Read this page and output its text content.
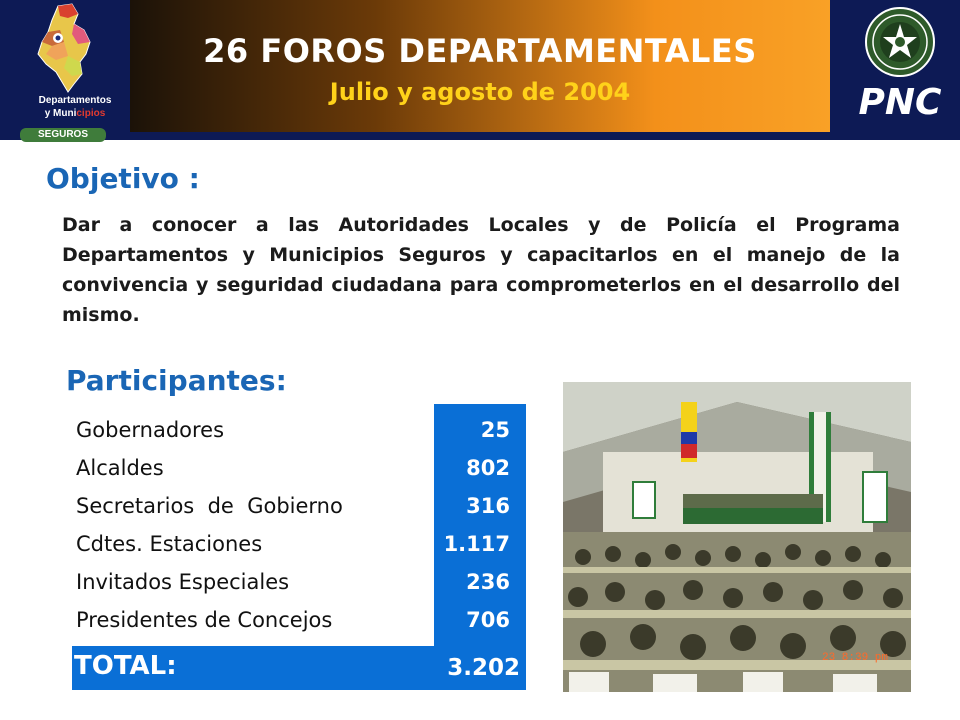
Departamentos
y Municipios
SEGUROS
26 FOROS DEPARTAMENTALES
Julio y agosto de 2004	PNC
Objetivo :
Dar a conocer a las Autoridades Locales y de Policía el Programa Departamentos y Municipios Seguros y capacitarlos en el manejo de la convivencia y seguridad ciudadana para comprometerlos en el desarrollo del mismo.
Participantes:
Gobernadores	25
Alcaldes	802
Secretarios  de  Gobierno	316
Cdtes. Estaciones	1.117
Invitados Especiales	236
Presidentes de Concejos	706
TOTAL:	3.202	23 8:39 pm
